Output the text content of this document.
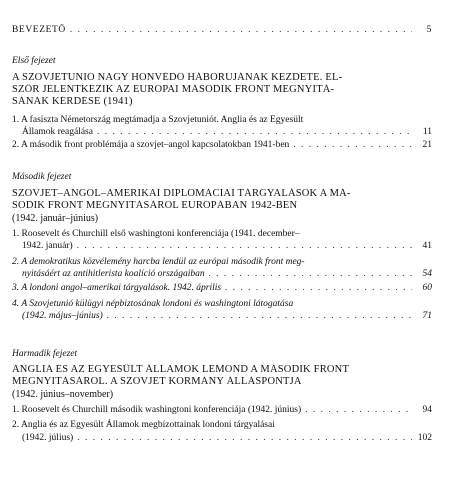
BEVEZETŐ . . .	5
Első fejezet
A SZOVJETUNIÓ NAGY HONVÉDŐ HÁBORÚJÁNAK KEZDETE. EL-
SZÖR JELENTKEZIK AZ EURÓPAI MÁSODIK FRONT MEGNYITÁ-
SÁNAK KÉRDÉSE (1941)
1. A fasiszta Németország megtámadja a Szovjetuniót. Anglia és az Egyesült
Államok reagálása . . .	11
2. A második front problémája a szovjet–angol kapcsolatokban 1941-ben . . .	21
Második fejezet
SZOVJET–ANGOL–AMERIKAI DIPLOMÁCIAI TÁRGYALÁSOK A MÁ-
SODIK FRONT MEGNYITÁSÁRÓL EURÓPÁBAN 1942-BEN
(1942. január–június)
1. Roosevelt és Churchill első washingtoni konferenciája (1941. december–
1942. január) . . .	41
2. A demokratikus közvélemény harcba lendül az európai második front meg-
nyitásáért az antihitlerista koalíció országaiban . . .	54
3. A londoni angol–amerikai tárgyalások. 1942. április . . .	60
4. A Szovjetunió külügyi népbiztosának londoni és washingtoni látogatása
(1942. május–június) . . .	71
Harmadik fejezet
ANGLIA ÉS AZ EGYESÜLT ÁLLAMOK LEMOND A MÁSODIK FRONT
MEGNYITÁSÁRÓL. A SZOVJET KORMÁNY ÁLLÁSPONTJA
(1942. június–november)
1. Roosevelt és Churchill második washingtoni konferenciája (1942. június) . . .	94
2. Anglia és az Egyesült Államok megbízottainak londoni tárgyalásai
(1942. július) . . .	102
